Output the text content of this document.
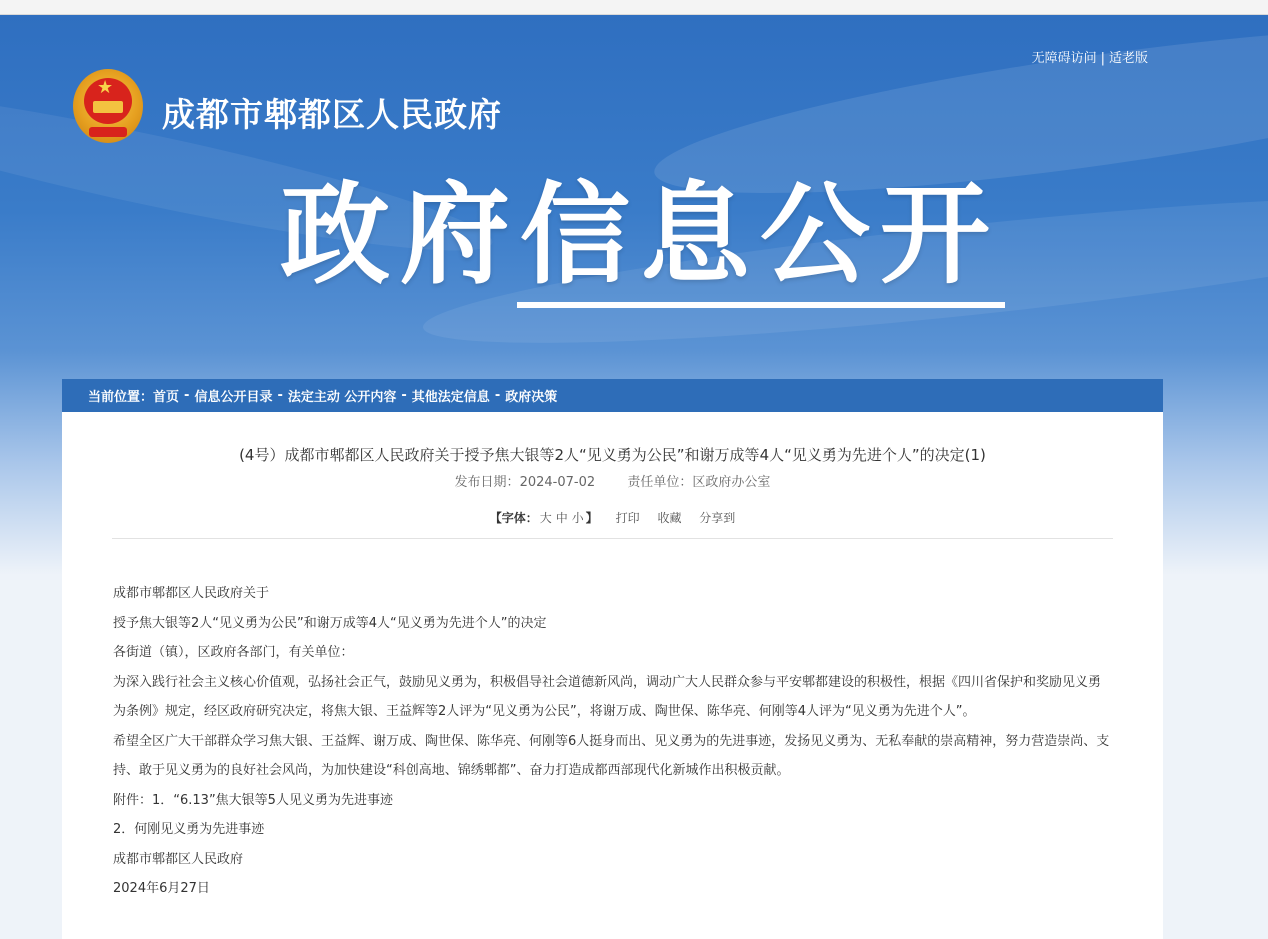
无障碍访问 | 适老版
★
成都市郫都区人民政府
政府信息公开
当前位置： 首页 - 信息公开目录 - 法定主动 公开内容 - 其他法定信息 - 政府决策
(4号）成都市郫都区人民政府关于授予焦大银等2人“见义勇为公民”和谢万成等4人“见义勇为先进个人”的决定(1)
发布日期：2024-07-02 责任单位：区政府办公室
【字体： 大 中 小 】 打印 收藏 分享到

成都市郫都区人民政府关于

授予焦大银等2人“见义勇为公民”和谢万成等4人“见义勇为先进个人”的决定

各街道（镇），区政府各部门，有关单位：

为深入践行社会主义核心价值观，弘扬社会正气，鼓励见义勇为，积极倡导社会道德新风尚，调动广大人民群众参与平安郫都建设的积极性，根据《四川省保护和奖励见义勇为条例》规定，经区政府研究决定，将焦大银、王益辉等2人评为“见义勇为公民”，将谢万成、陶世保、陈华亮、何刚等4人评为“见义勇为先进个人”。

希望全区广大干部群众学习焦大银、王益辉、谢万成、陶世保、陈华亮、何刚等6人挺身而出、见义勇为的先进事迹，发扬见义勇为、无私奉献的崇高精神，努力营造崇尚、支持、敢于见义勇为的良好社会风尚，为加快建设“科创高地、锦绣郫都”、奋力打造成都西部现代化新城作出积极贡献。

附件：1．“6.13”焦大银等5人见义勇为先进事迹

2．何刚见义勇为先进事迹

成都市郫都区人民政府

2024年6月27日
